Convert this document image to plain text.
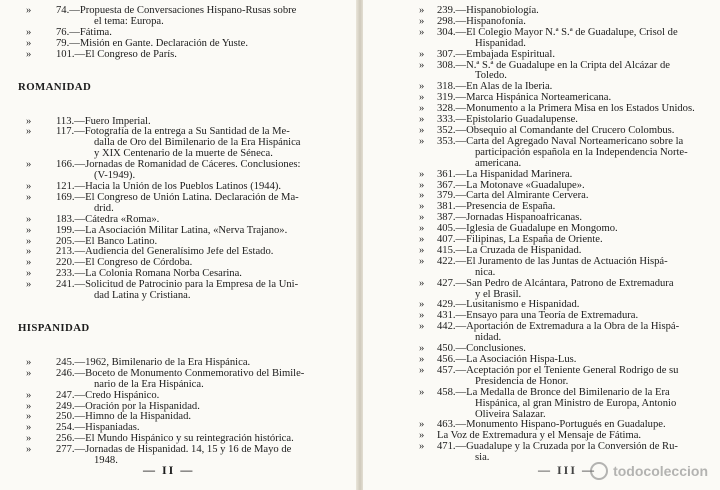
»	74.—Propuesta de Conversaciones Hispano-Rusas sobre
el tema: Europa.
»	76.—Fátima.
»	79.—Misión en Gante. Declaración de Yuste.
»	101.—El Congreso de París.
ROMANIDAD
»	113.—Fuero Imperial.
»	117.—Fotografía de la entrega a Su Santidad de la Me-
dalla de Oro del Bimilenario de la Era Hispánica
y XIX Centenario de la muerte de Séneca.
»	166.—Jornadas de Romanidad de Cáceres. Conclusiones:
(V-1949).
»	121.—Hacia la Unión de los Pueblos Latinos (1944).
»	169.—El Congreso de Unión Latina. Declaración de Ma-
drid.
»	183.—Cátedra «Roma».
»	199.—La Asociación Militar Latina, «Nerva Trajano».
»	205.—El Banco Latino.
»	213.—Audiencia del Generalísimo Jefe del Estado.
»	220.—El Congreso de Córdoba.
»	233.—La Colonia Romana Norba Cesarina.
»	241.—Solicitud de Patrocinio para la Empresa de la Uni-
dad Latina y Cristiana.
HISPANIDAD
»	245.—1962, Bimilenario de la Era Hispánica.
»	246.—Boceto de Monumento Conmemorativo del Bimile-
nario de la Era Hispánica.
»	247.—Credo Hispánico.
»	249.—Oración por la Hispanidad.
»	250.—Himno de la Hispanidad.
»	254.—Hispaniadas.
»	256.—El Mundo Hispánico y su reintegración histórica.
»	277.—Jornadas de Hispanidad. 14, 15 y 16 de Mayo de
1948.
— II —
»	239.—Hispanobiología.
»	298.—Hispanofonía.
»	304.—El Colegio Mayor N.ª S.ª de Guadalupe, Crisol de
Hispanidad.
»	307.—Embajada Espiritual.
»	308.—N.ª S.ª de Guadalupe en la Cripta del Alcázar de
Toledo.
»	318.—En Alas de la Iberia.
»	319.—Marca Hispánica Norteamericana.
»	328.—Monumento a la Primera Misa en los Estados Unidos.
»	333.—Epistolario Guadalupense.
»	352.—Obsequio al Comandante del Crucero Colombus.
»	353.—Carta del Agregado Naval Norteamericano sobre la
participación española en la Independencia Norte-
americana.
»	361.—La Hispanidad Marinera.
»	367.—La Motonave «Guadalupe».
»	379.—Carta del Almirante Cervera.
»	381.—Presencia de España.
»	387.—Jornadas Hispanoafricanas.
»	405.—Iglesia de Guadalupe en Mongomo.
»	407.—Filipinas, La España de Oriente.
»	415.—La Cruzada de Hispanidad.
»	422.—El Juramento de las Juntas de Actuación Hispá-
nica.
»	427.—San Pedro de Alcántara, Patrono de Extremadura
y el Brasil.
»	429.—Lusitanismo e Hispanidad.
»	431.—Ensayo para una Teoría de Extremadura.
»	442.—Aportación de Extremadura a la Obra de la Hispá-
nidad.
»	450.—Conclusiones.
»	456.—La Asociación Hispa-Lus.
»	457.—Aceptación por el Teniente General Rodrigo de su
Presidencia de Honor.
»	458.—La Medalla de Bronce del Bimilenario de la Era
Hispánica, al gran Ministro de Europa, Antonio
Oliveira Salazar.
»	463.—Monumento Hispano-Portugués en Guadalupe.
»	La Voz de Extremadura y el Mensaje de Fátima.
»	471.—Guadalupe y la Cruzada por la Conversión de Ru-
sia.
— III — todocoleccion
